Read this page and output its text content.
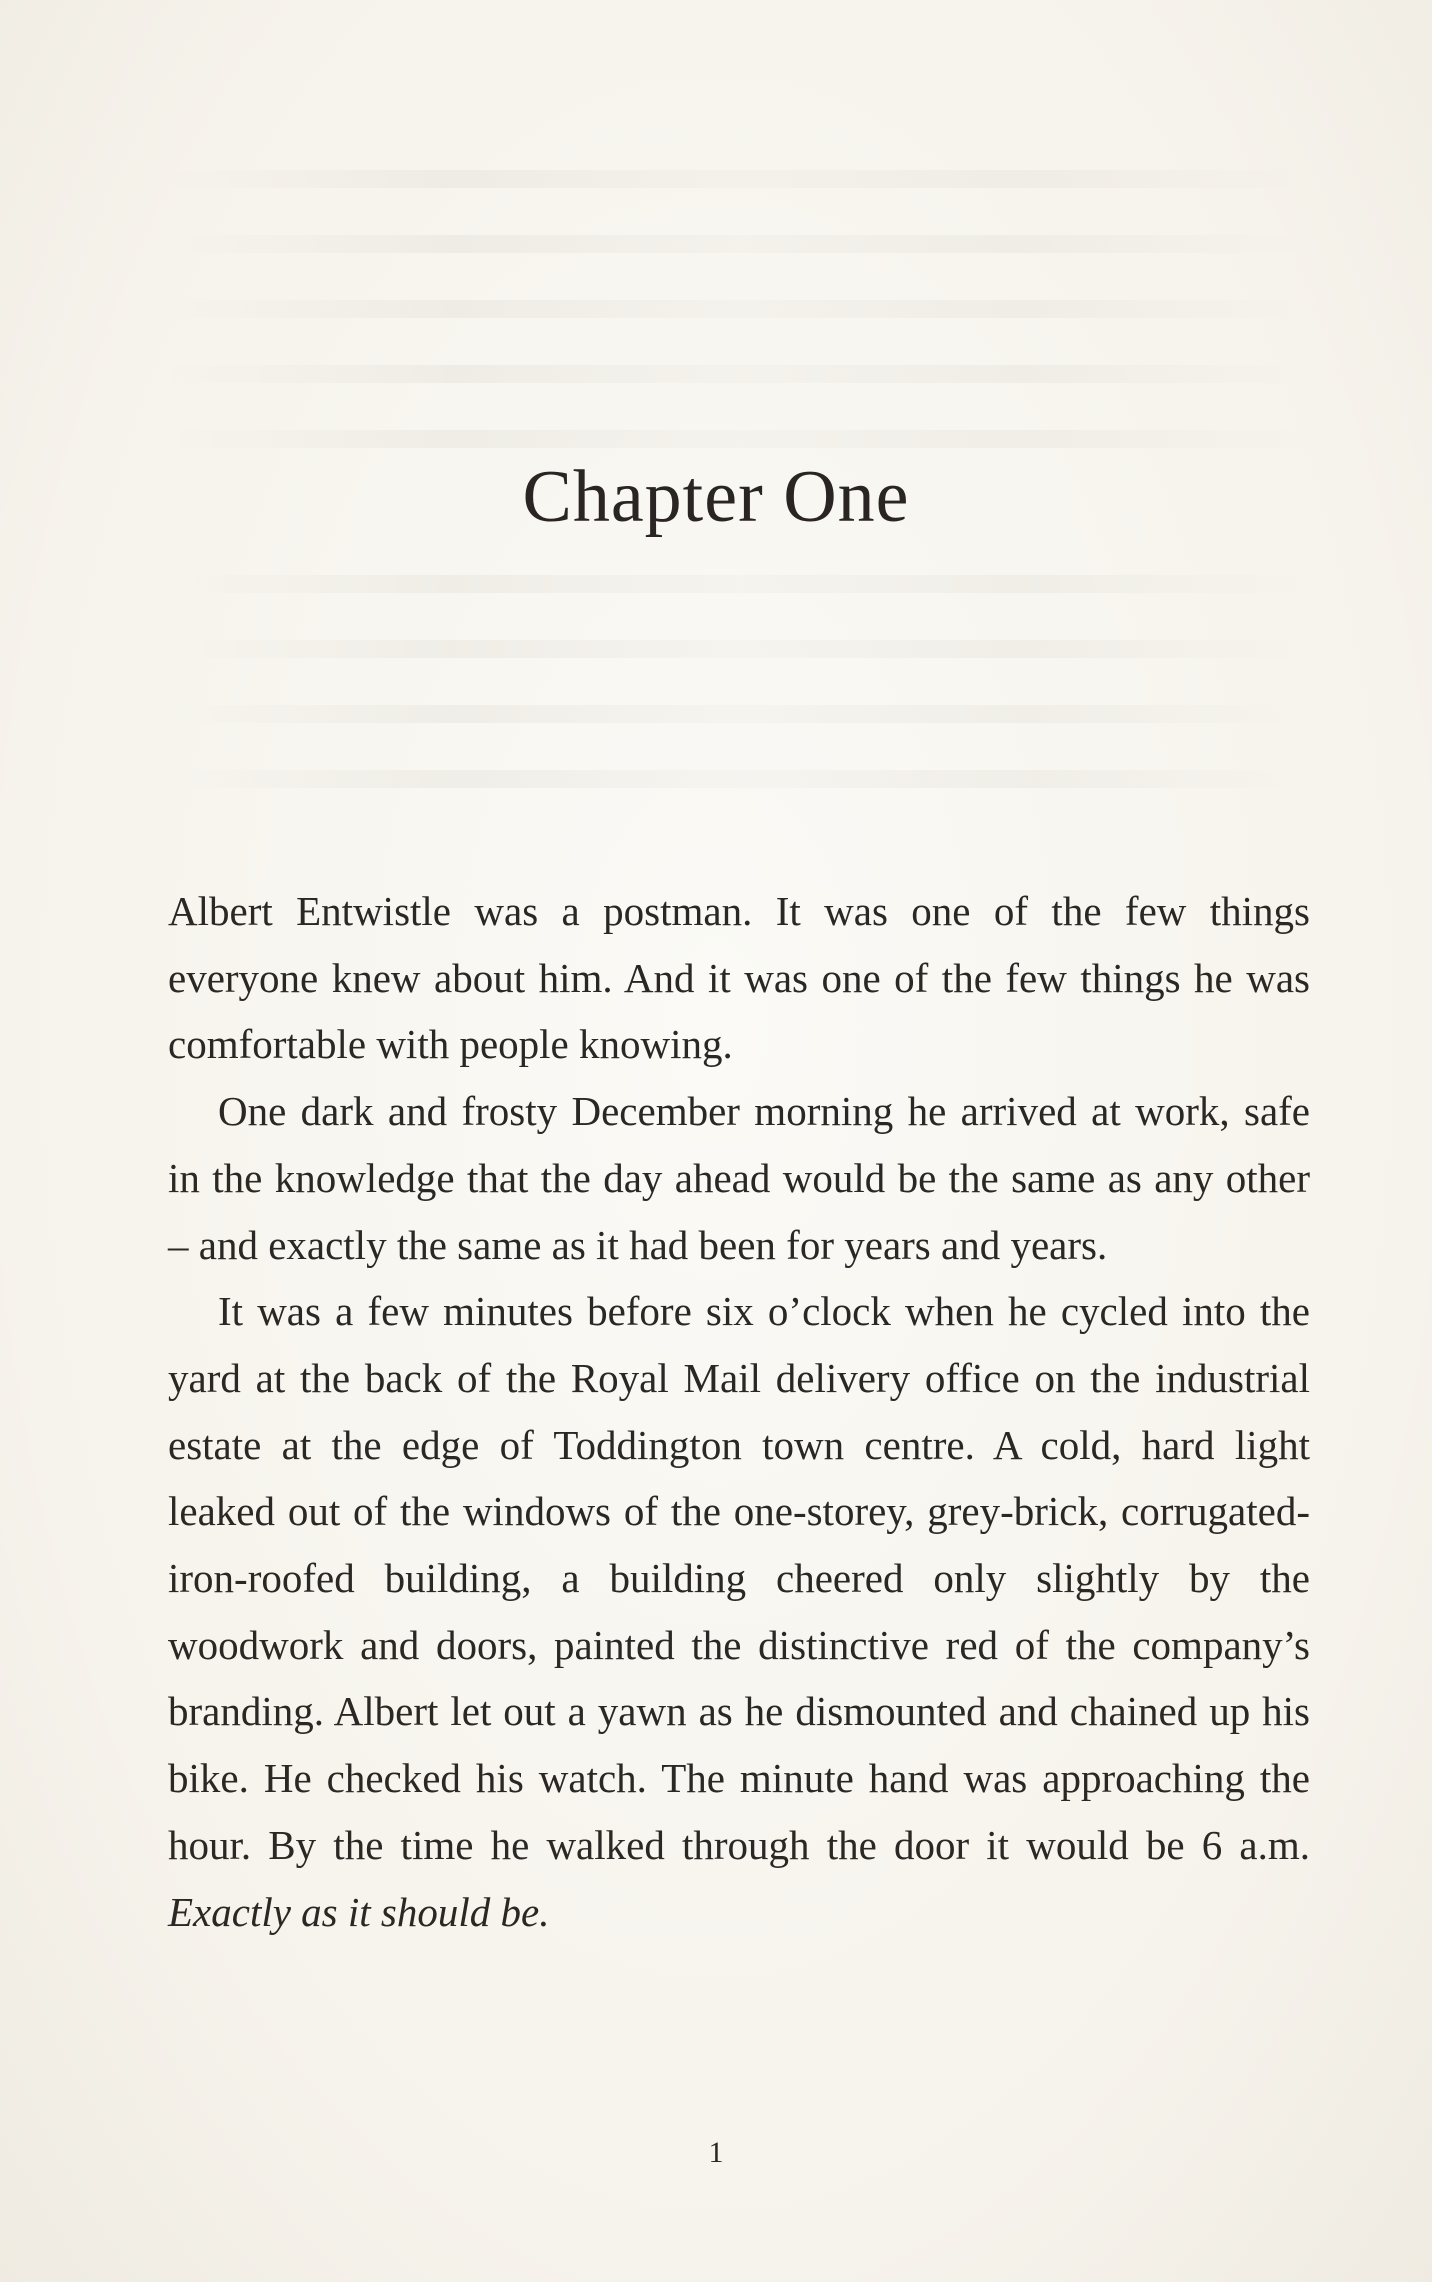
Chapter One

Albert Entwistle was a postman. It was one of the few things everyone knew about him. And it was one of the few things he was comfortable with people knowing.

One dark and frosty December morning he arrived at work, safe in the knowledge that the day ahead would be the same as any other – and exactly the same as it had been for years and years.

It was a few minutes before six o’clock when he cycled into the yard at the back of the Royal Mail delivery office on the industrial estate at the edge of Toddington town centre. A cold, hard light leaked out of the windows of the one-storey, grey-brick, corrugated-iron-roofed building, a building cheered only slightly by the woodwork and doors, painted the distinctive red of the company’s branding. Albert let out a yawn as he dismounted and chained up his bike. He checked his watch. The minute hand was approaching the hour. By the time he walked through the door it would be 6 a.m. Exactly as it should be.

1
